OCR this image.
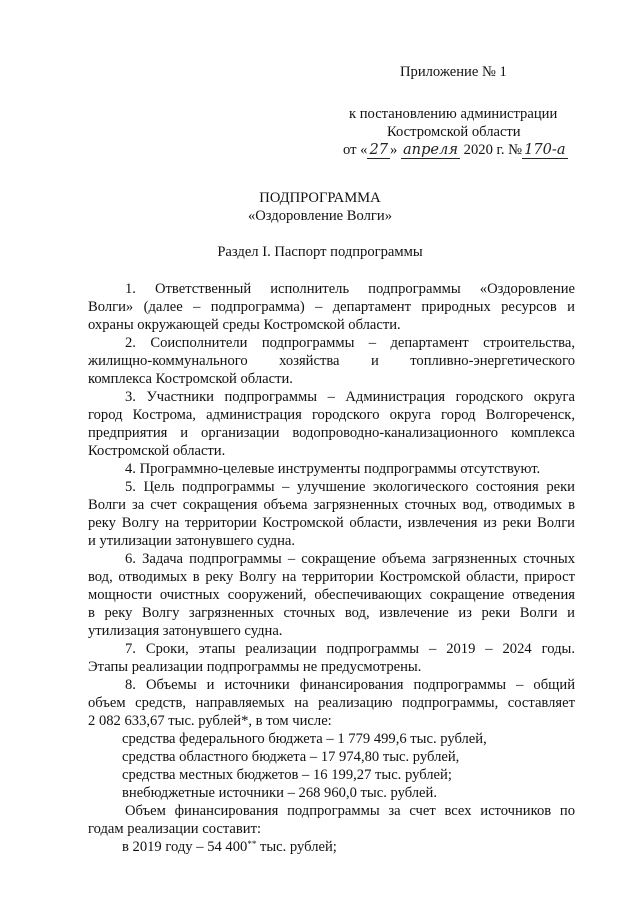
Приложение № 1
к постановлению администрации
Костромской области
от « 27 » апреля 2020 г. № 170-а
ПОДПРОГРАММА
«Оздоровление Волги»
Раздел I. Паспорт подпрограммы
1. Ответственный исполнитель подпрограммы «Оздоровление
Волги» (далее – подпрограмма) – департамент природных ресурсов и
охраны окружающей среды Костромской области.
2. Соисполнители подпрограммы – департамент строительства,
жилищно-коммунального хозяйства и топливно-энергетического
комплекса Костромской области.
3. Участники подпрограммы – Администрация городского округа
город Кострома, администрация городского округа город Волгореченск,
предприятия и организации водопроводно-канализационного комплекса
Костромской области.
4. Программно-целевые инструменты подпрограммы отсутствуют.
5. Цель подпрограммы – улучшение экологического состояния реки
Волги за счет сокращения объема загрязненных сточных вод, отводимых в
реку Волгу на территории Костромской области, извлечения из реки Волги
и утилизации затонувшего судна.
6. Задача подпрограммы – сокращение объема загрязненных сточных
вод, отводимых в реку Волгу на территории Костромской области, прирост
мощности очистных сооружений, обеспечивающих сокращение отведения
в реку Волгу загрязненных сточных вод, извлечение из реки Волги и
утилизация затонувшего судна.
7. Сроки, этапы реализации подпрограммы – 2019 – 2024 годы.
Этапы реализации подпрограммы не предусмотрены.
8. Объемы и источники финансирования подпрограммы – общий
объем средств, направляемых на реализацию подпрограммы, составляет
2 082 633,67 тыс. рублей*, в том числе:
средства федерального бюджета – 1 779 499,6 тыс. рублей,
средства областного бюджета – 17 974,80 тыс. рублей,
средства местных бюджетов – 16 199,27 тыс. рублей;
внебюджетные источники – 268 960,0 тыс. рублей.
Объем финансирования подпрограммы за счет всех источников по
годам реализации составит:
в 2019 году – 54 400** тыс. рублей;
